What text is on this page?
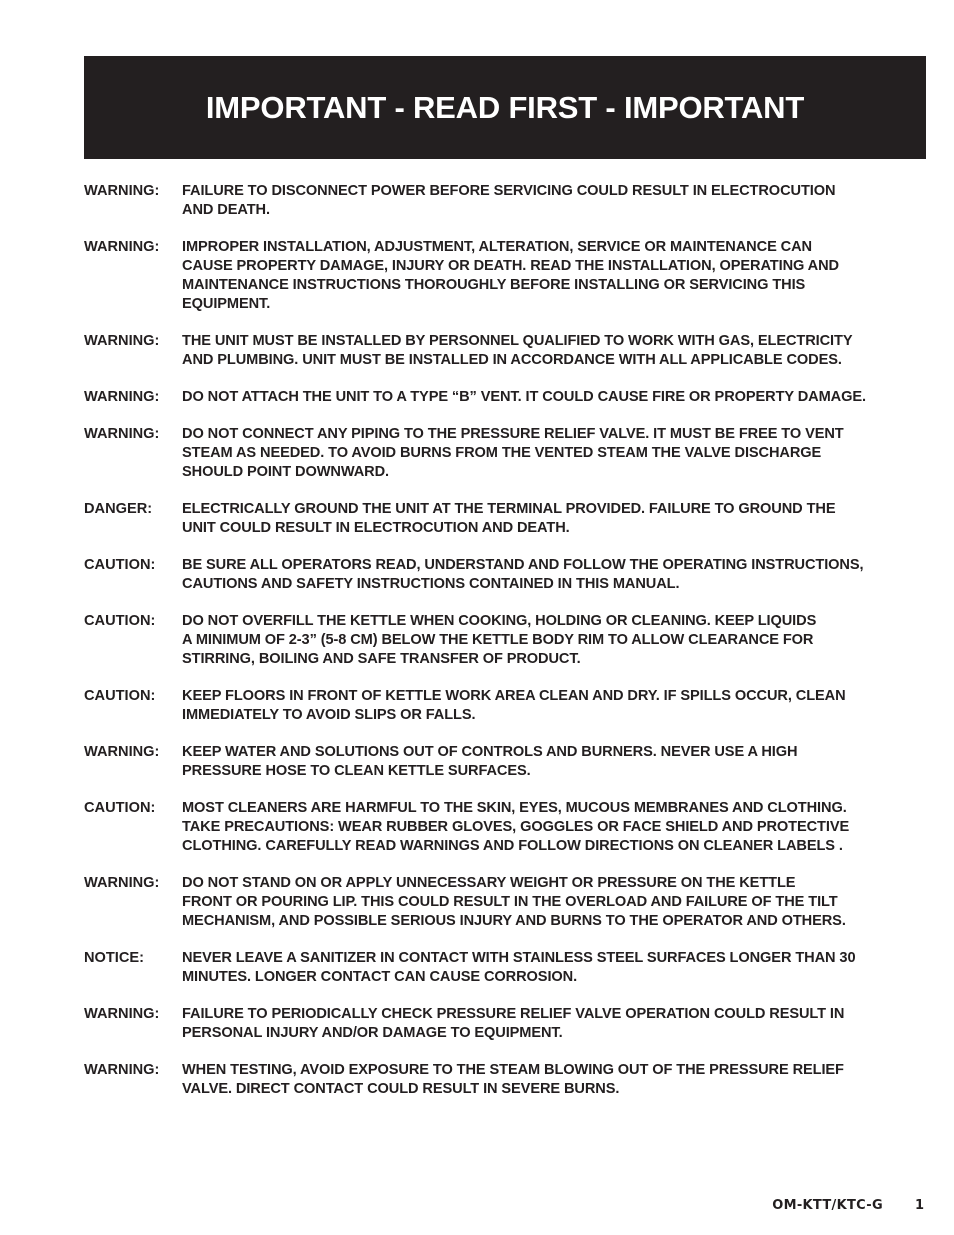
IMPORTANT - READ FIRST - IMPORTANT
WARNING:	FAILURE TO DISCONNECT POWER BEFORE SERVICING COULD RESULT IN ELECTROCUTION
AND DEATH.
WARNING:	IMPROPER INSTALLATION, ADJUSTMENT, ALTERATION, SERVICE OR MAINTENANCE CAN
CAUSE PROPERTY DAMAGE, INJURY OR DEATH. READ THE INSTALLATION, OPERATING AND
MAINTENANCE INSTRUCTIONS THOROUGHLY BEFORE INSTALLING OR SERVICING THIS
EQUIPMENT.
WARNING:	THE UNIT MUST BE INSTALLED BY PERSONNEL QUALIFIED TO WORK WITH GAS, ELECTRICITY
AND PLUMBING. UNIT MUST BE INSTALLED IN ACCORDANCE WITH ALL APPLICABLE CODES.
WARNING:	DO NOT ATTACH THE UNIT TO A TYPE “B” VENT. IT COULD CAUSE FIRE OR PROPERTY DAMAGE.
WARNING:	DO NOT CONNECT ANY PIPING TO THE PRESSURE RELIEF VALVE. IT MUST BE FREE TO VENT
STEAM AS NEEDED. TO AVOID BURNS FROM THE VENTED STEAM THE VALVE DISCHARGE
SHOULD POINT DOWNWARD.
DANGER:	ELECTRICALLY GROUND THE UNIT AT THE TERMINAL PROVIDED. FAILURE TO GROUND THE
UNIT COULD RESULT IN ELECTROCUTION AND DEATH.
CAUTION:	BE SURE ALL OPERATORS READ, UNDERSTAND AND FOLLOW THE OPERATING INSTRUCTIONS,
CAUTIONS AND SAFETY INSTRUCTIONS CONTAINED IN THIS MANUAL.
CAUTION:	DO NOT OVERFILL THE KETTLE WHEN COOKING, HOLDING OR CLEANING. KEEP LIQUIDS
A MINIMUM OF 2-3” (5-8 CM) BELOW THE KETTLE BODY RIM TO ALLOW CLEARANCE FOR
STIRRING, BOILING AND SAFE TRANSFER OF PRODUCT.
CAUTION:	KEEP FLOORS IN FRONT OF KETTLE WORK AREA CLEAN AND DRY. IF SPILLS OCCUR, CLEAN
IMMEDIATELY TO AVOID SLIPS OR FALLS.
WARNING:	KEEP WATER AND SOLUTIONS OUT OF CONTROLS AND BURNERS. NEVER USE A HIGH
PRESSURE HOSE TO CLEAN KETTLE SURFACES.
CAUTION:	MOST CLEANERS ARE HARMFUL TO THE SKIN, EYES, MUCOUS MEMBRANES AND CLOTHING.
TAKE PRECAUTIONS: WEAR RUBBER GLOVES, GOGGLES OR FACE SHIELD AND PROTECTIVE
CLOTHING. CAREFULLY READ WARNINGS AND FOLLOW DIRECTIONS ON CLEANER LABELS .
WARNING:	DO NOT STAND ON OR APPLY UNNECESSARY WEIGHT OR PRESSURE ON THE KETTLE
FRONT OR POURING LIP. THIS COULD RESULT IN THE OVERLOAD AND FAILURE OF THE TILT
MECHANISM, AND POSSIBLE SERIOUS INJURY AND BURNS TO THE OPERATOR AND OTHERS.
NOTICE:	NEVER LEAVE A SANITIZER IN CONTACT WITH STAINLESS STEEL SURFACES LONGER THAN 30
MINUTES. LONGER CONTACT CAN CAUSE CORROSION.
WARNING:	FAILURE TO PERIODICALLY CHECK PRESSURE RELIEF VALVE OPERATION COULD RESULT IN
PERSONAL INJURY AND/OR DAMAGE TO EQUIPMENT.
WARNING:	WHEN TESTING, AVOID EXPOSURE TO THE STEAM BLOWING OUT OF THE PRESSURE RELIEF
VALVE. DIRECT CONTACT COULD RESULT IN SEVERE BURNS.
OM-KTT/KTC-G 1
